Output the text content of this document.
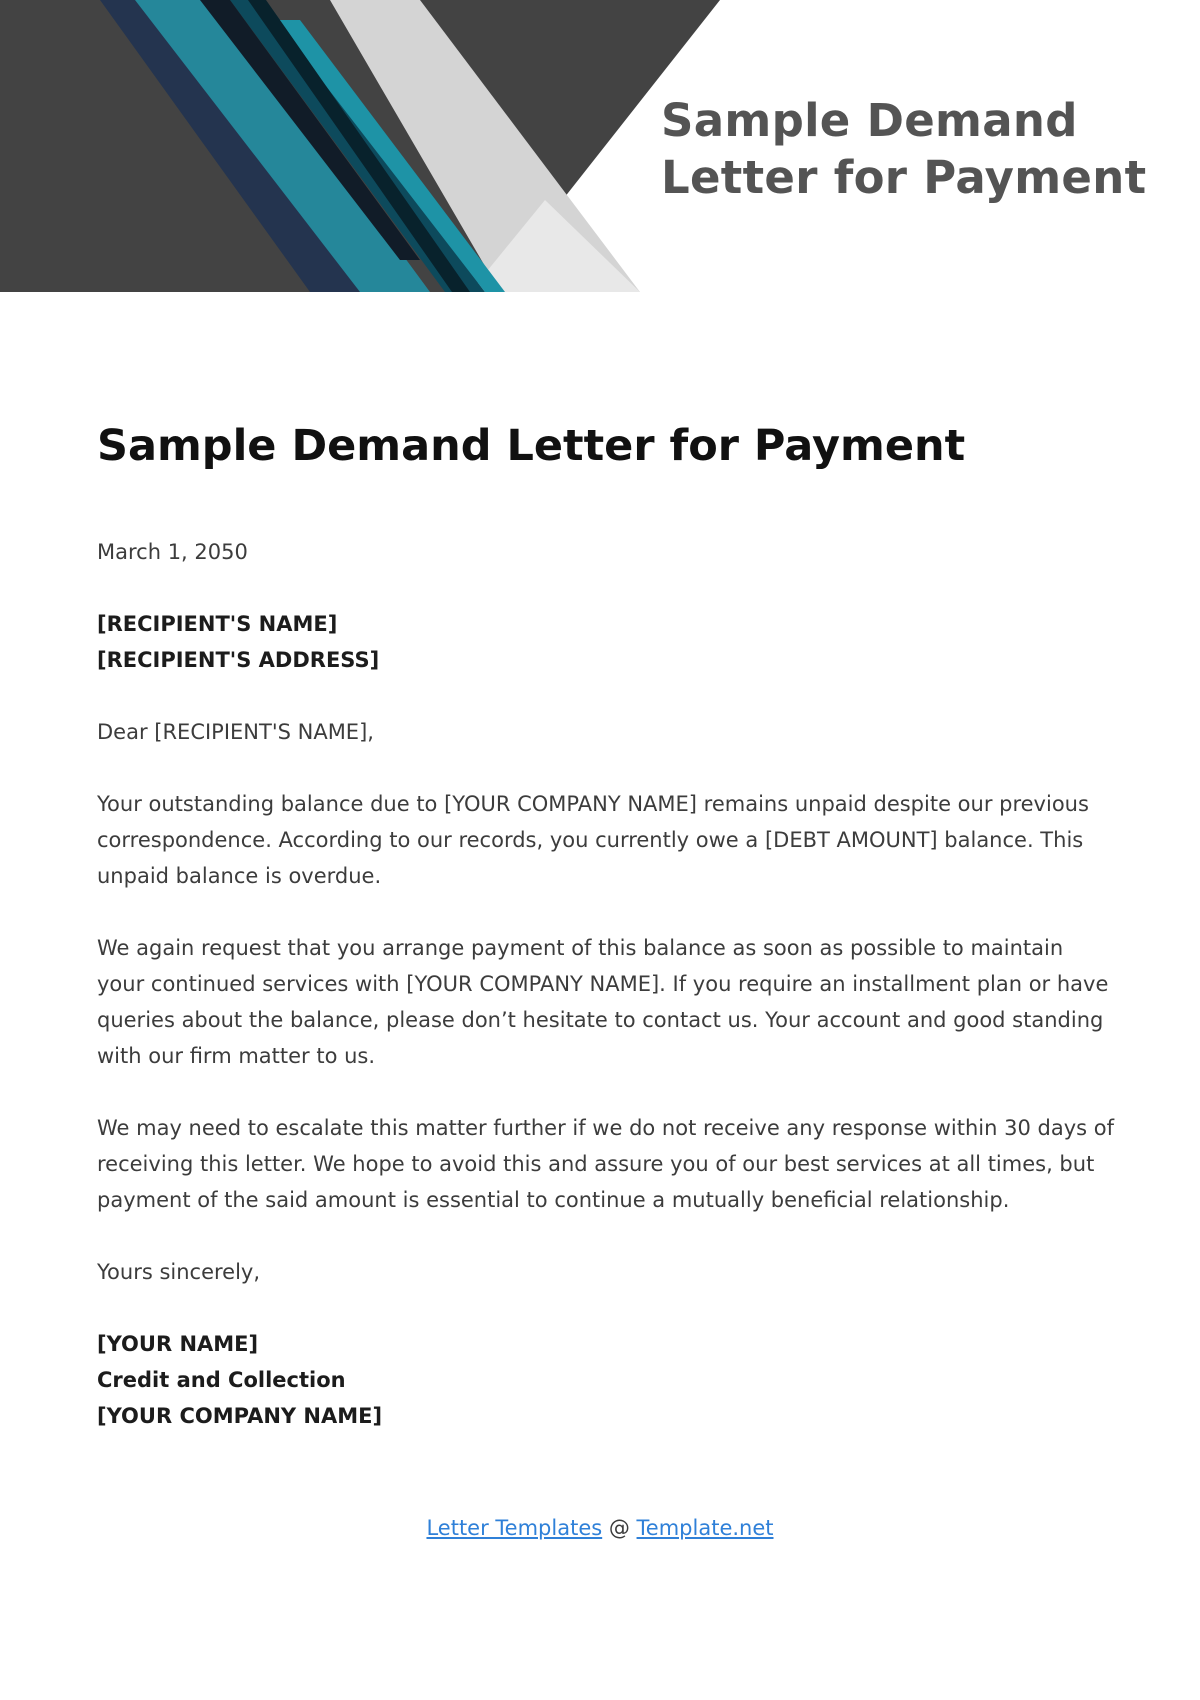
Sample Demand
Letter for Payment
Sample Demand Letter for Payment

March 1, 2050

[RECIPIENT'S NAME]

[RECIPIENT'S ADDRESS]

Dear [RECIPIENT'S NAME],

Your outstanding balance due to [YOUR COMPANY NAME] remains unpaid despite our previous correspondence. According to our records, you currently owe a [DEBT AMOUNT] balance. This unpaid balance is overdue.

We again request that you arrange payment of this balance as soon as possible to maintain your continued services with [YOUR COMPANY NAME]. If you require an installment plan or have queries about the balance, please don’t hesitate to contact us. Your account and good standing with our firm matter to us.

We may need to escalate this matter further if we do not receive any response within 30 days of receiving this letter. We hope to avoid this and assure you of our best services at all times, but payment of the said amount is essential to continue a mutually beneficial relationship.

Yours sincerely,

[YOUR NAME]

Credit and Collection

[YOUR COMPANY NAME]

Letter Templates @ Template.net
